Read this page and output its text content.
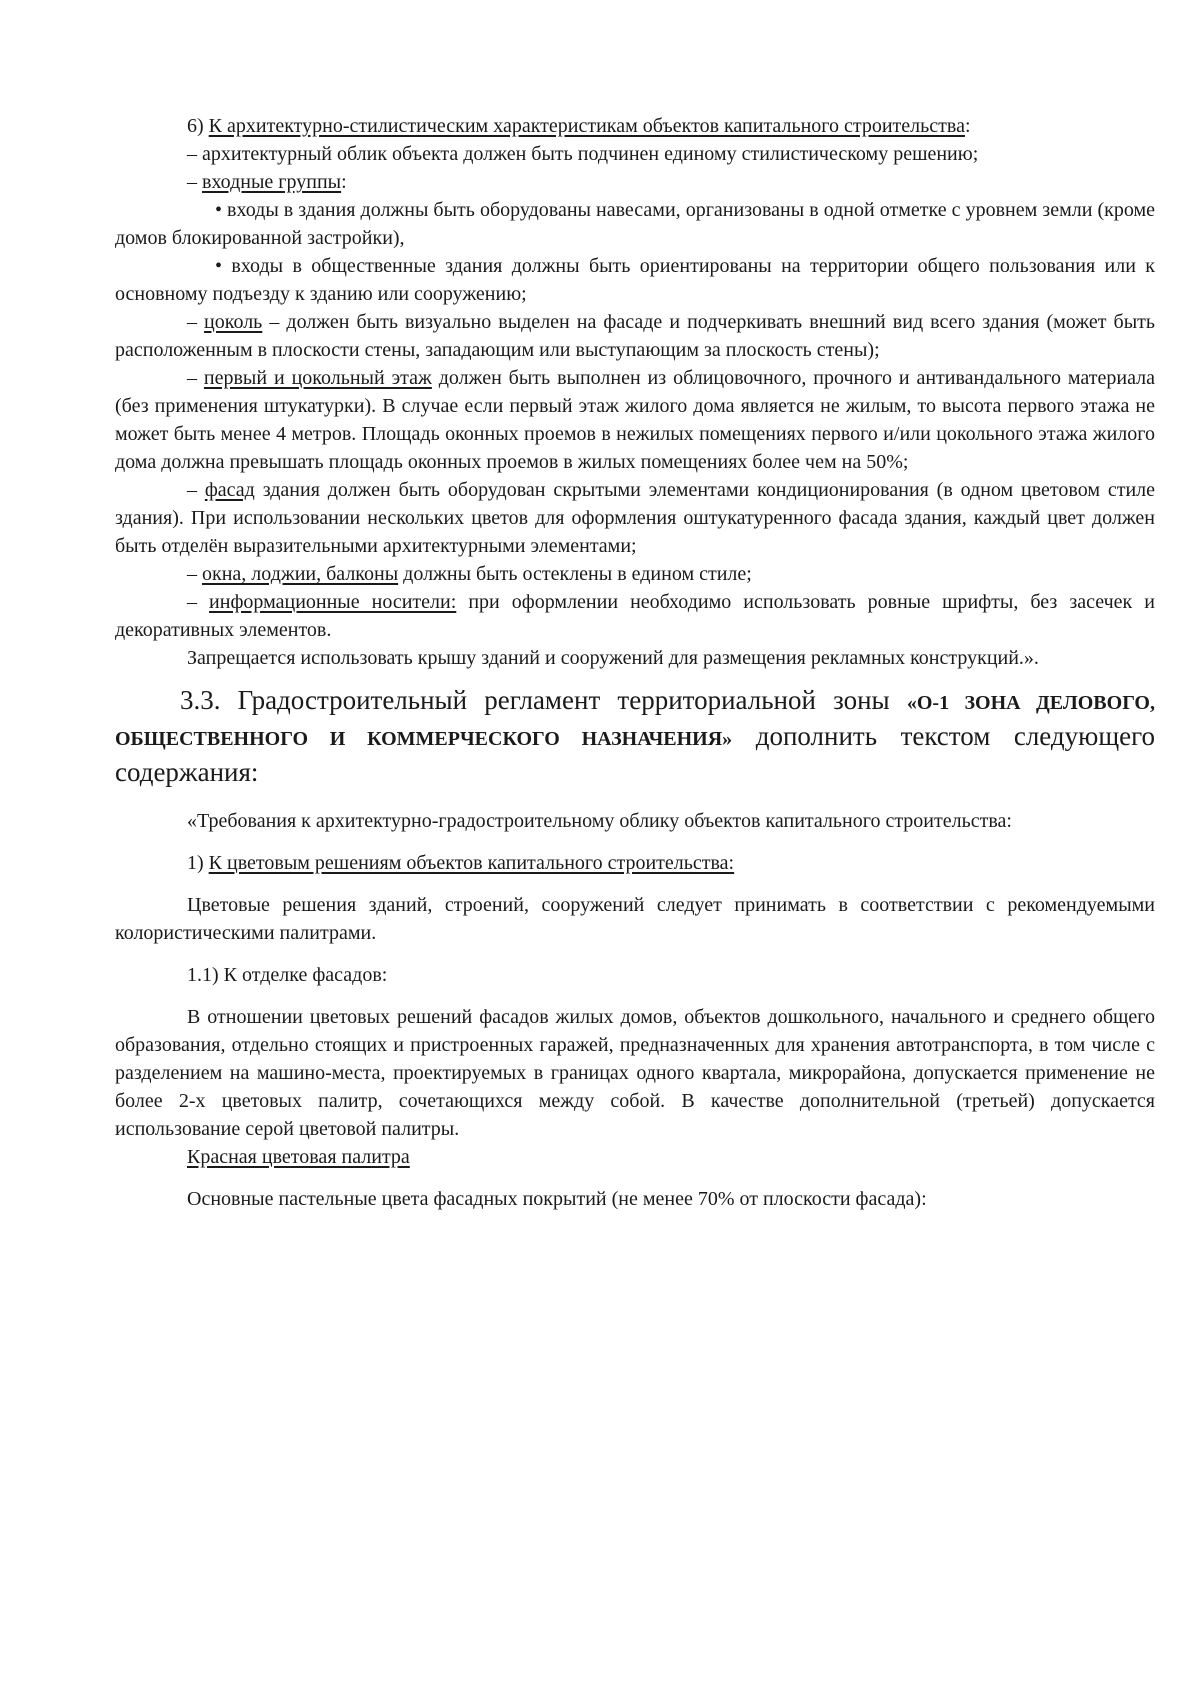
6) К архитектурно-стилистическим характеристикам объектов капитального строительства:

– архитектурный облик объекта должен быть подчинен единому стилистическому решению;

– входные группы:

• входы в здания должны быть оборудованы навесами, организованы в одной отметке с уровнем земли (кроме домов блокированной застройки),

• входы в общественные здания должны быть ориентированы на территории общего пользования или к основному подъезду к зданию или сооружению;

– цоколь – должен быть визуально выделен на фасаде и подчеркивать внешний вид всего здания (может быть расположенным в плоскости стены, западающим или выступающим за плоскость стены);

– первый и цокольный этаж должен быть выполнен из облицовочного, прочного и антивандального материала (без применения штукатурки). В случае если первый этаж жилого дома является не жилым, то высота первого этажа не может быть менее 4 метров. Площадь оконных проемов в нежилых помещениях первого и/или цокольного этажа жилого дома должна превышать площадь оконных проемов в жилых помещениях более чем на 50%;

– фасад здания должен быть оборудован скрытыми элементами кондиционирования (в одном цветовом стиле здания). При использовании нескольких цветов для оформления оштукатуренного фасада здания, каждый цвет должен быть отделён выразительными архитектурными элементами;

– окна, лоджии, балконы должны быть остеклены в едином стиле;

– информационные носители: при оформлении необходимо использовать ровные шрифты, без засечек и декоративных элементов.

Запрещается использовать крышу зданий и сооружений для размещения рекламных конструкций.».

3.3. Градостроительный регламент территориальной зоны «О-1 ЗОНА ДЕЛОВОГО, ОБЩЕСТВЕННОГО И КОММЕРЧЕСКОГО НАЗНАЧЕНИЯ» дополнить текстом следующего содержания:

«Требования к архитектурно-градостроительному облику объектов капитального строительства:

1) К цветовым решениям объектов капитального строительства:

Цветовые решения зданий, строений, сооружений следует принимать в соответствии с рекомендуемыми колористическими палитрами.

1.1) К отделке фасадов:

В отношении цветовых решений фасадов жилых домов, объектов дошкольного, начального и среднего общего образования, отдельно стоящих и пристроенных гаражей, предназначенных для хранения автотранспорта, в том числе с разделением на машино-места, проектируемых в границах одного квартала, микрорайона, допускается применение не более 2-х цветовых палитр, сочетающихся между собой. В качестве дополнительной (третьей) допускается использование серой цветовой палитры.

Красная цветовая палитра

Основные пастельные цвета фасадных покрытий (не менее 70% от плоскости фасада):
